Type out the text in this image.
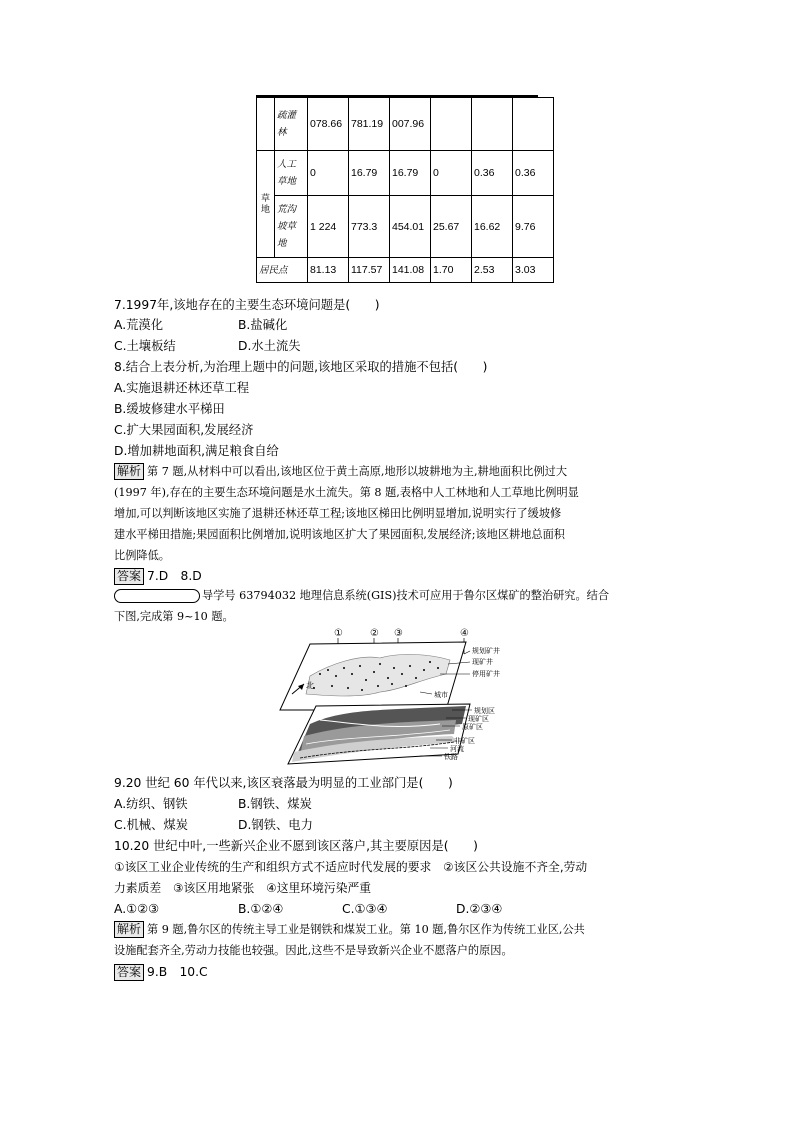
	疏灌林	078.66	781.19	007.96			
草地	人工草地	0	16.79	16.79	0	0.36	0.36
	荒沟坡草地	1 224	773.3	454.01	25.67	16.62	9.76
居民点		81.13	117.57	141.08	1.70	2.53	3.03
7.1997年,该地存在的主要生态环境问题是(　　)
A.荒漠化	B.盐碱化
C.土壤板结	D.水土流失
8.结合上表分析,为治理上题中的问题,该地区采取的措施不包括(　　)
A.实施退耕还林还草工程
B.缓坡修建水平梯田
C.扩大果园面积,发展经济
D.增加耕地面积,满足粮食自给
解析 第 7 题,从材料中可以看出,该地区位于黄土高原,地形以坡耕地为主,耕地面积比例过大
(1997 年),存在的主要生态环境问题是水土流失。第 8 题,表格中人工林地和人工草地比例明显
增加,可以判断该地区实施了退耕还林还草工程;该地区梯田比例明显增加,说明实行了缓坡修
建水平梯田措施;果园面积比例增加,说明该地区扩大了果园面积,发展经济;该地区耕地总面积
比例降低。
答案 7.D　8.D
导学号 63794032 地理信息系统(GIS)技术可应用于鲁尔区煤矿的整治研究。结合
下图,完成第 9~10 题。
①	② ③	④
北
规划矿井
现矿井
停用矿井
城市
规划区
现矿区
原矿区
非矿区
河流
铁路
9.20 世纪 60 年代以来,该区衰落最为明显的工业部门是(　　)
A.纺织、钢铁	B.钢铁、煤炭
C.机械、煤炭	D.钢铁、电力
10.20 世纪中叶,一些新兴企业不愿到该区落户,其主要原因是(　　)
①该区工业企业传统的生产和组织方式不适应时代发展的要求　②该区公共设施不齐全,劳动
力素质差　③该区用地紧张　④这里环境污染严重
A.①②③	B.①②④	C.①③④	D.②③④
解析 第 9 题,鲁尔区的传统主导工业是钢铁和煤炭工业。第 10 题,鲁尔区作为传统工业区,公共
设施配套齐全,劳动力技能也较强。因此,这些不是导致新兴企业不愿落户的原因。
答案 9.B　10.C
